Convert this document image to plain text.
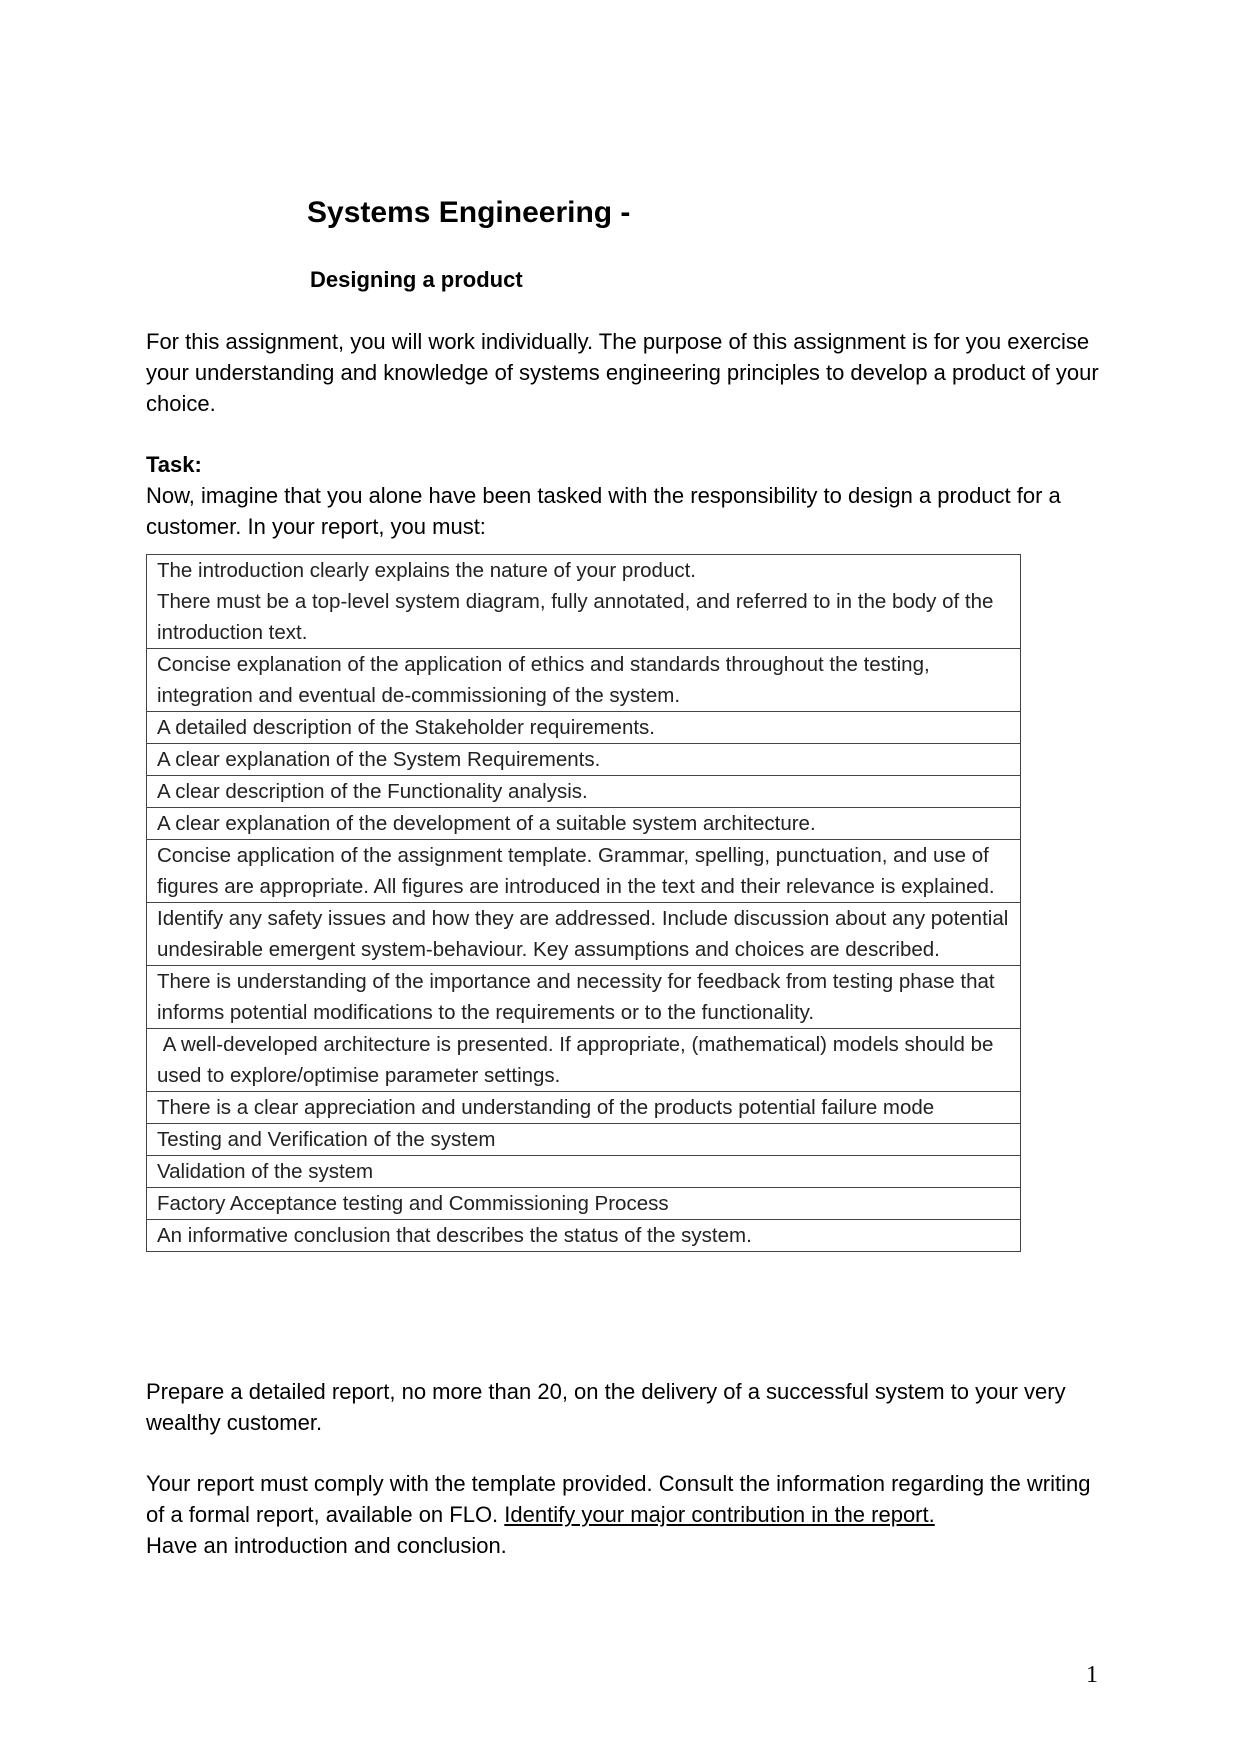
Systems Engineering -
Designing a product

For this assignment, you will work individually. The purpose of this assignment is for you exercise your understanding and knowledge of systems engineering principles to develop a product of your choice.

Task:

Now, imagine that you alone have been tasked with the responsibility to design a product for a customer. In your report, you must:

The introduction clearly explains the nature of your product.
There must be a top-level system diagram, fully annotated, and referred to in the body of the introduction text.
Concise explanation of the application of ethics and standards throughout the testing, integration and eventual de-commissioning of the system.
A detailed description of the Stakeholder requirements.
A clear explanation of the System Requirements.
A clear description of the Functionality analysis.
A clear explanation of the development of a suitable system architecture.
Concise application of the assignment template. Grammar, spelling, punctuation, and use of figures are appropriate. All figures are introduced in the text and their relevance is explained.
Identify any safety issues and how they are addressed. Include discussion about any potential undesirable emergent system-behaviour. Key assumptions and choices are described.
There is understanding of the importance and necessity for feedback from testing phase that informs potential modifications to the requirements or to the functionality.
A well-developed architecture is presented. If appropriate, (mathematical) models should be used to explore/optimise parameter settings.
There is a clear appreciation and understanding of the products potential failure mode
Testing and Verification of the system
Validation of the system
Factory Acceptance testing and Commissioning Process
An informative conclusion that describes the status of the system.

Prepare a detailed report, no more than 20, on the delivery of a successful system to your very wealthy customer.

Your report must comply with the template provided. Consult the information regarding the writing of a formal report, available on FLO. Identify your major contribution in the report.
Have an introduction and conclusion.

1
